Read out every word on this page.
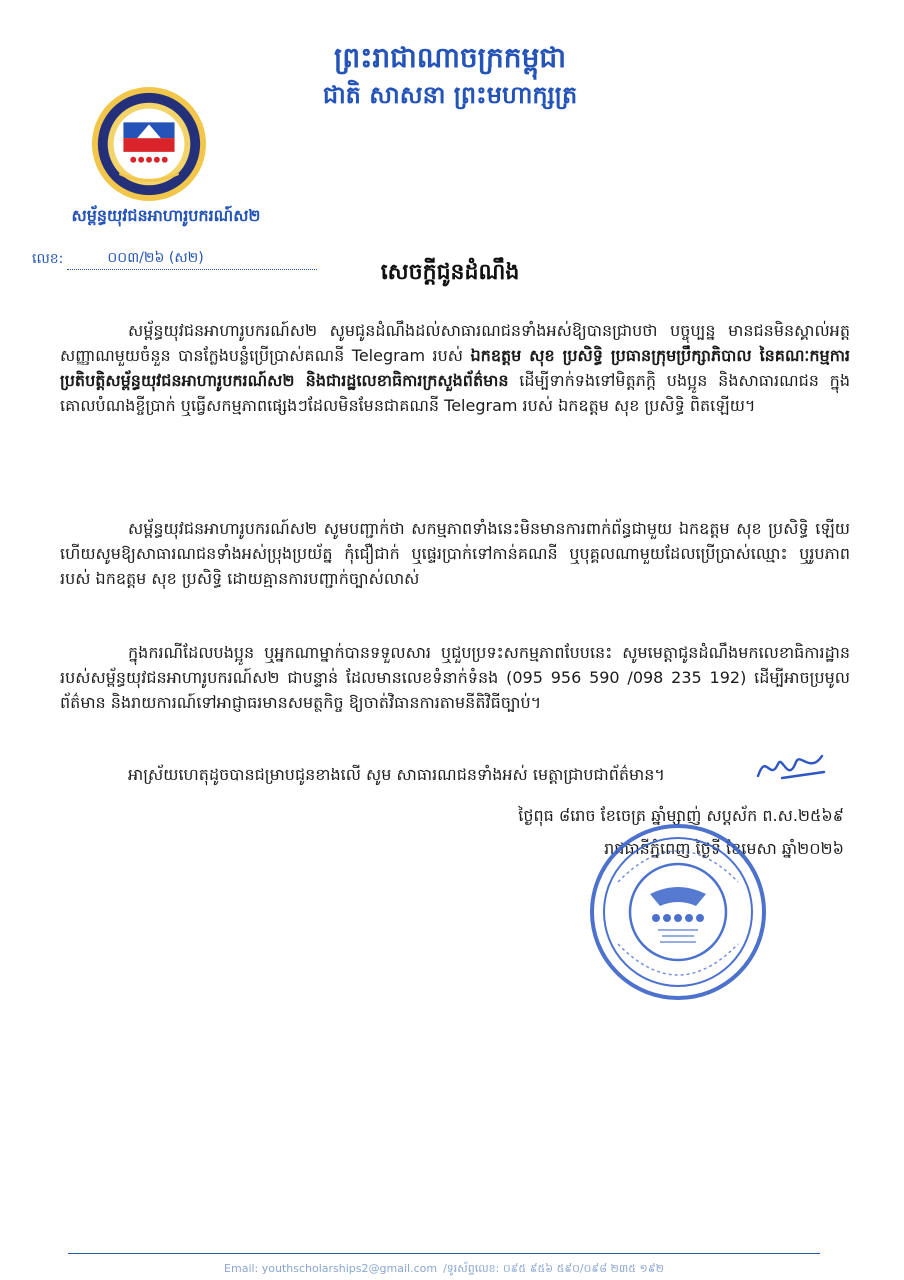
ព្រះរាជាណាចក្រកម្ពុជា
ជាតិ សាសនា ព្រះមហាក្សត្រ
សម្ព័ន្ធយុវជនអាហារូបករណ៍ស២
លេខ:	០០៣/២៦ (ស២)
សេចក្តីជូនដំណឹង
សម្ព័ន្ធយុវជនអាហារូបករណ៍ស២ សូមជូនដំណឹងដល់សាធារណជនទាំងអស់ឱ្យបានជ្រាបថា បច្ចុប្បន្ន មានជនមិនស្គាល់អត្តសញ្ញាណមួយចំនួន បានក្លែងបន្លំប្រើប្រាស់គណនី Telegram របស់ ឯកឧត្តម សុខ ប្រសិទ្ធិ ប្រធានក្រុមប្រឹក្សាភិបាល នៃគណៈកម្មការប្រតិបត្តិសម្ព័ន្ធយុវជនអាហារូបករណ៍ស២ និងជារដ្ឋលេខាធិការក្រសួងព័ត៌មាន ដើម្បីទាក់ទងទៅមិត្តភក្តិ បងប្អូន និងសាធារណជន ក្នុងគោលបំណងខ្ចីប្រាក់ ឬធ្វើសកម្មភាពផ្សេងៗដែលមិនមែនជាគណនី Telegram របស់ ឯកឧត្តម សុខ ប្រសិទ្ធិ ពិតឡើយ។
សម្ព័ន្ធយុវជនអាហារូបករណ៍ស២ សូមបញ្ជាក់ថា សកម្មភាពទាំងនេះមិនមានការពាក់ព័ន្ធជាមួយ ឯកឧត្តម សុខ ប្រសិទ្ធិ ឡើយ ហើយសូមឱ្យសាធារណជនទាំងអស់ប្រុងប្រយ័ត្ន កុំជឿជាក់ ឬផ្ទេរប្រាក់ទៅកាន់គណនី ឬបុគ្គលណាមួយដែលប្រើប្រាស់ឈ្មោះ ឬរូបភាពរបស់ ឯកឧត្តម សុខ ប្រសិទ្ធិ ដោយគ្មានការបញ្ជាក់ច្បាស់លាស់
ក្នុងករណីដែលបងប្អូន ឬអ្នកណាម្នាក់បានទទួលសារ ឬជួបប្រទះសកម្មភាពបែបនេះ សូមមេត្តាជូនដំណឹងមកលេខាធិការដ្ឋានរបស់សម្ព័ន្ធយុវជនអាហារូបករណ៍ស២ ជាបន្ទាន់ ដែលមានលេខទំនាក់ទំនង (095 956 590 /098 235 192) ដើម្បីអាចប្រមូលព័ត៌មាន និងរាយការណ៍ទៅអាជ្ញាធរមានសមត្ថកិច្ច ឱ្យចាត់វិធានការតាមនីតិវិធីច្បាប់។
អាស្រ័យហេតុដូចបានជម្រាបជូនខាងលើ សូម សាធារណជនទាំងអស់ មេត្តាជ្រាបជាព័ត៌មាន។
ថ្ងៃពុធ ៨រោច ខែចេត្រ ឆ្នាំម្សាញ់ សប្តស័ក ព.ស.២៥៦៩
រាជធានីភ្នំពេញ ថ្ងៃទី ខែមេសា ឆ្នាំ២០២៦
Email: youthscholarships2@gmail.com /ទូរស័ព្ទលេខ: ០៩៥ ៩៥៦ ៥៩០/០៩៨ ២៣៥ ១៩២
